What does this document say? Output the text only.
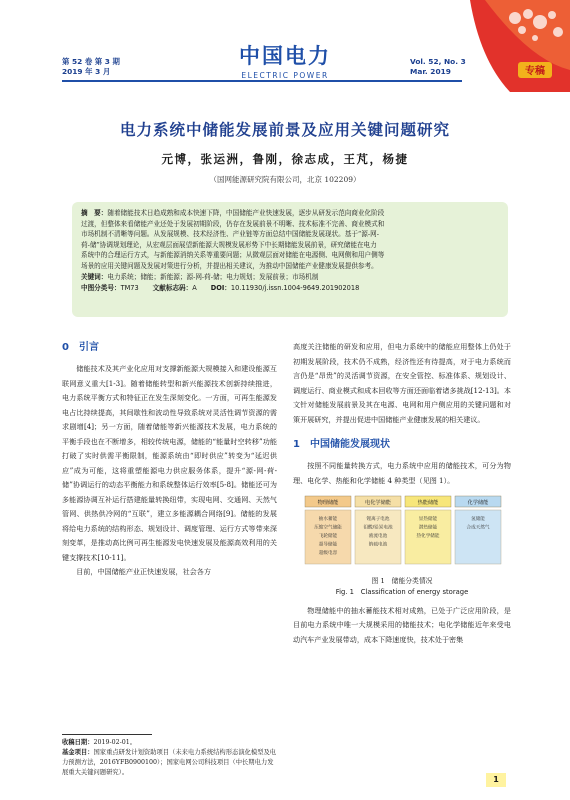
第 52 卷 第 3 期
2019 年 3 月
中国电力
ELECTRIC POWER
Vol. 52, No. 3
Mar. 2019	专稿
电力系统中储能发展前景及应用关键问题研究
元博，张运洲，鲁刚，徐志成，王芃，杨捷
（国网能源研究院有限公司，北京 102209）
摘　要：随着储能技术日趋成熟和成本快速下降，中国储能产业快速发展，逐步从研发示范向商业化阶段
过渡，但整体来看储能产业还处于发展初期阶段，仍存在发展前景不明晰、技术标准不完善、商业模式和
市场机制不清晰等问题。从发展规模、技术经济性、产业链等方面总结中国储能发展现状。基于“源-网-
荷-储”协调规划理论，从宏观层面展望新能源大规模发展形势下中长期储能发展前景，研究储能在电力
系统中的合理运行方式，与新能源消纳关系等重要问题；从微观层面对储能在电源侧、电网侧和用户侧等
场景的应用关键问题及发展对策进行分析，并提出相关建议，为推动中国储能产业健康发展提供参考。
关键词：电力系统；储能；新能源；源-网-荷-储；电力规划；发展前景；市场机制
中图分类号：TM73 文献标志码：A DOI：10.11930/j.issn.1004-9649.201902018
0　引言

储能技术及其产业化应用对支撑新能源大规模接入和建设能源互联网意义重大[1-3]。随着储能转型和新兴能源技术创新持续推进，电力系统平衡方式和特征正在发生深刻变化。一方面，可再生能源发电占比持续提高，其间歇性和波动性导致系统对灵活性调节资源的需求剧增[4]；另一方面，随着储能等新兴能源技术发展，电力系统的平衡手段也在不断增多，相较传统电源，储能的“能量时空转移”功能打破了实时供需平衡限制，能源系统由“即时供应”转变为“延迟供应”成为可能，这将重塑能源电力供应服务体系，提升“源-网-荷-储”协调运行的动态平衡能力和系统整体运行效率[5-8]。储能还可为多能源协调互补运行搭建能量转换纽带，实现电网、交通网、天然气管网、供热供冷网的“互联”，建立多能源耦合网络[9]。储能的发展将给电力系统的结构形态、规划设计、调度管理、运行方式等带来深刻变革，是推动高比例可再生能源发电快速发展及能源高效利用的关键支撑技术[10-11]。

目前，中国储能产业正快速发展，社会各方

高度关注储能的研发和应用，但电力系统中的储能应用整体上仍处于初期发展阶段，技术仍不成熟，经济性还有待提高，对于电力系统而言仍是“昂贵”的灵活调节资源，在安全管控、标准体系、规划设计、调度运行、商业模式和成本回收等方面还面临着诸多挑战[12-13]。本文针对储能发展前景及其在电源、电网和用户侧应用的关键问题和对策开展研究，并提出促进中国储能产业健康发展的相关建议。

1　中国储能发展现状

按照不同能量转换方式，电力系统中应用的储能技术，可分为物理、电化学、热能和化学储能 4 种类型（见图 1）。

物理储能
抽水蓄能
压缩空气储能
飞轮储能
超导储能
超级电容
电化学储能
锂离子电池
铅酸/铅炭电池
液流电池
钠硫电池
热能储能
显热储能
潜热储能
热化学储能
化学储能
氢储能
合成天然气
图 1　储能分类情况
Fig. 1　Classification of energy storage

物理储能中的抽水蓄能技术相对成熟，已处于广泛应用阶段，是目前电力系统中唯一大规模采用的储能技术；电化学储能近年来受电动汽车产业发展带动，成本下降速度快，技术处于密集

收稿日期：2019-02-01。
基金项目：国家重点研发计划资助项目（未来电力系统结构形态演化模型及电力预测方法，2016YFB0900100）；国家电网公司科技项目（中长期电力发展重大关键问题研究）。
1
